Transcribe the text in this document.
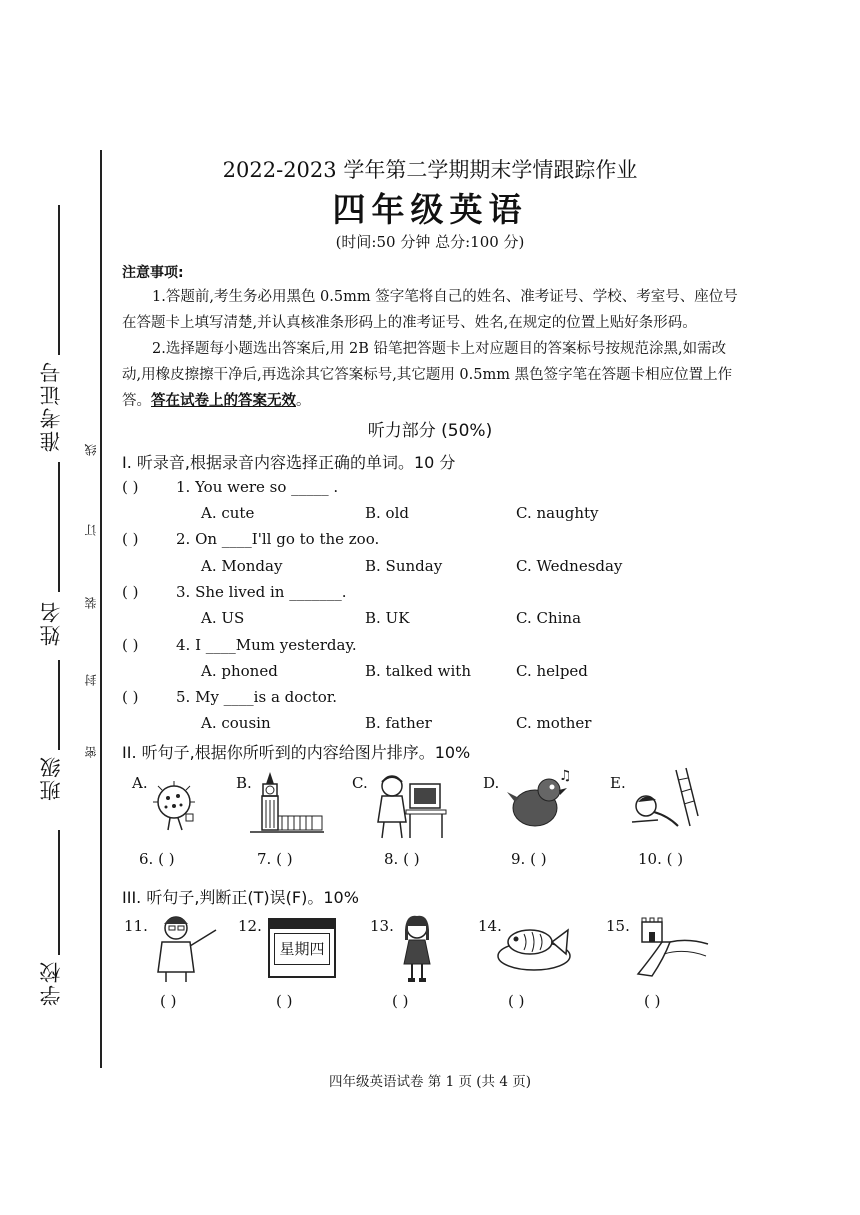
准考证号
姓名
班级
学校
线
订
装
封
密
2022-2023 学年第二学期期末学情跟踪作业
四年级英语
(时间:50 分钟 总分:100 分)
注意事项:
1.答题前,考生务必用黑色 0.5mm 签字笔将自己的姓名、准考证号、学校、考室号、座位号在答题卡上填写清楚,并认真核准条形码上的准考证号、姓名,在规定的位置上贴好条形码。
2.选择题每小题选出答案后,用 2B 铅笔把答题卡上对应题目的答案标号按规范涂黑,如需改动,用橡皮擦擦干净后,再选涂其它答案标号,其它题用 0.5mm 黑色签字笔在答题卡相应位置上作答。答在试卷上的答案无效。
听力部分 (50%)
I. 听录音,根据录音内容选择正确的单词。10 分
( )	1. You were so _____ .
A. cute	B. old	C. naughty
( )	2. On ____I'll go to the zoo.
A. Monday	B. Sunday	C. Wednesday
( )	3. She lived in _______.
A. US	B. UK	C. China
( )	4. I ____Mum yesterday.
A. phoned	B. talked with	C. helped
( )	5. My ____is a doctor.
A. cousin	B. father	C. mother
II. 听句子,根据你所听到的内容给图片排序。10%
A.
6. ( )
B.
7. ( )
C.
8. ( )
D.	♫
9. ( )
E.
10. ( )
III. 听句子,判断正(T)误(F)。10%
11.
( )
12.
星期四
( )
13.
( )
14.
( )
15.
( )
四年级英语试卷 第 1 页 (共 4 页)
